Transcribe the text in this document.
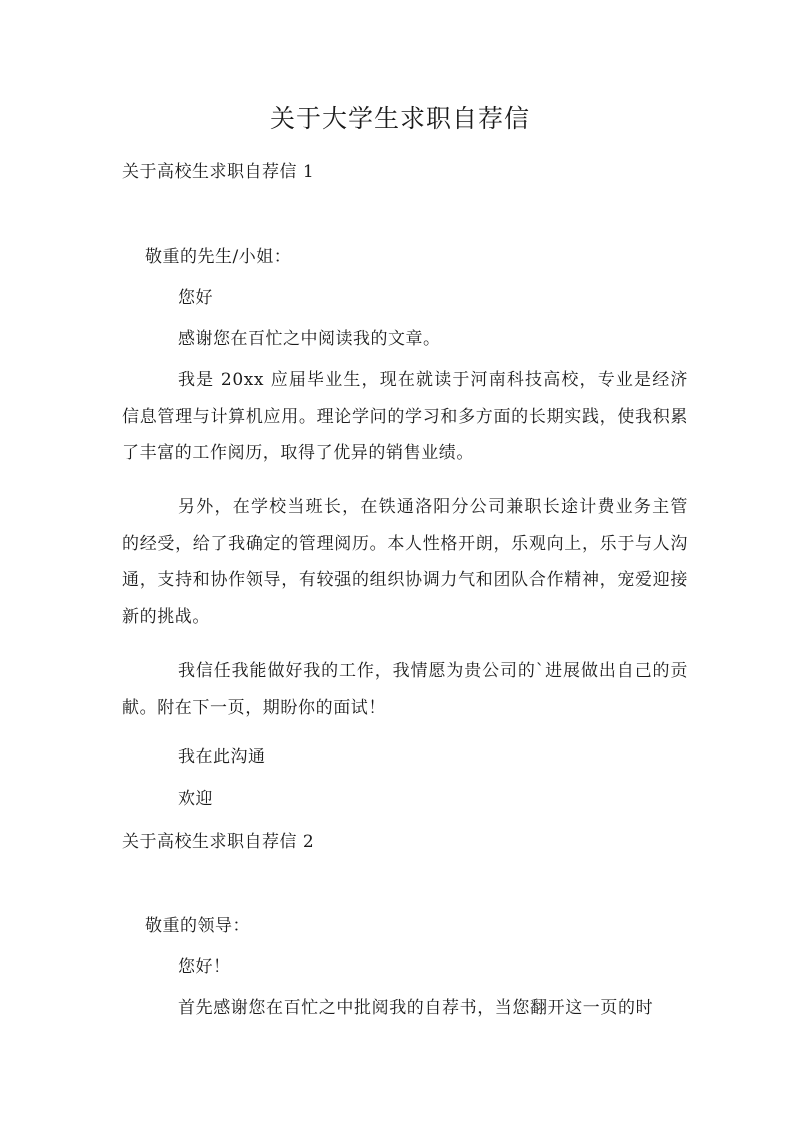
关于大学生求职自荐信
关于高校生求职自荐信 1
敬重的先生/小姐：
您好
感谢您在百忙之中阅读我的文章。
我是 20xx 应届毕业生，现在就读于河南科技高校，专业是经济信息管理与计算机应用。理论学问的学习和多方面的长期实践，使我积累了丰富的工作阅历，取得了优异的销售业绩。
另外，在学校当班长，在铁通洛阳分公司兼职长途计费业务主管的经受，给了我确定的管理阅历。本人性格开朗，乐观向上，乐于与人沟通，支持和协作领导，有较强的组织协调力气和团队合作精神，宠爱迎接新的挑战。
我信任我能做好我的工作，我情愿为贵公司的`进展做出自己的贡献。附在下一页，期盼你的面试！
我在此沟通
欢迎
关于高校生求职自荐信 2
敬重的领导：
您好！
首先感谢您在百忙之中批阅我的自荐书，当您翻开这一页的时
